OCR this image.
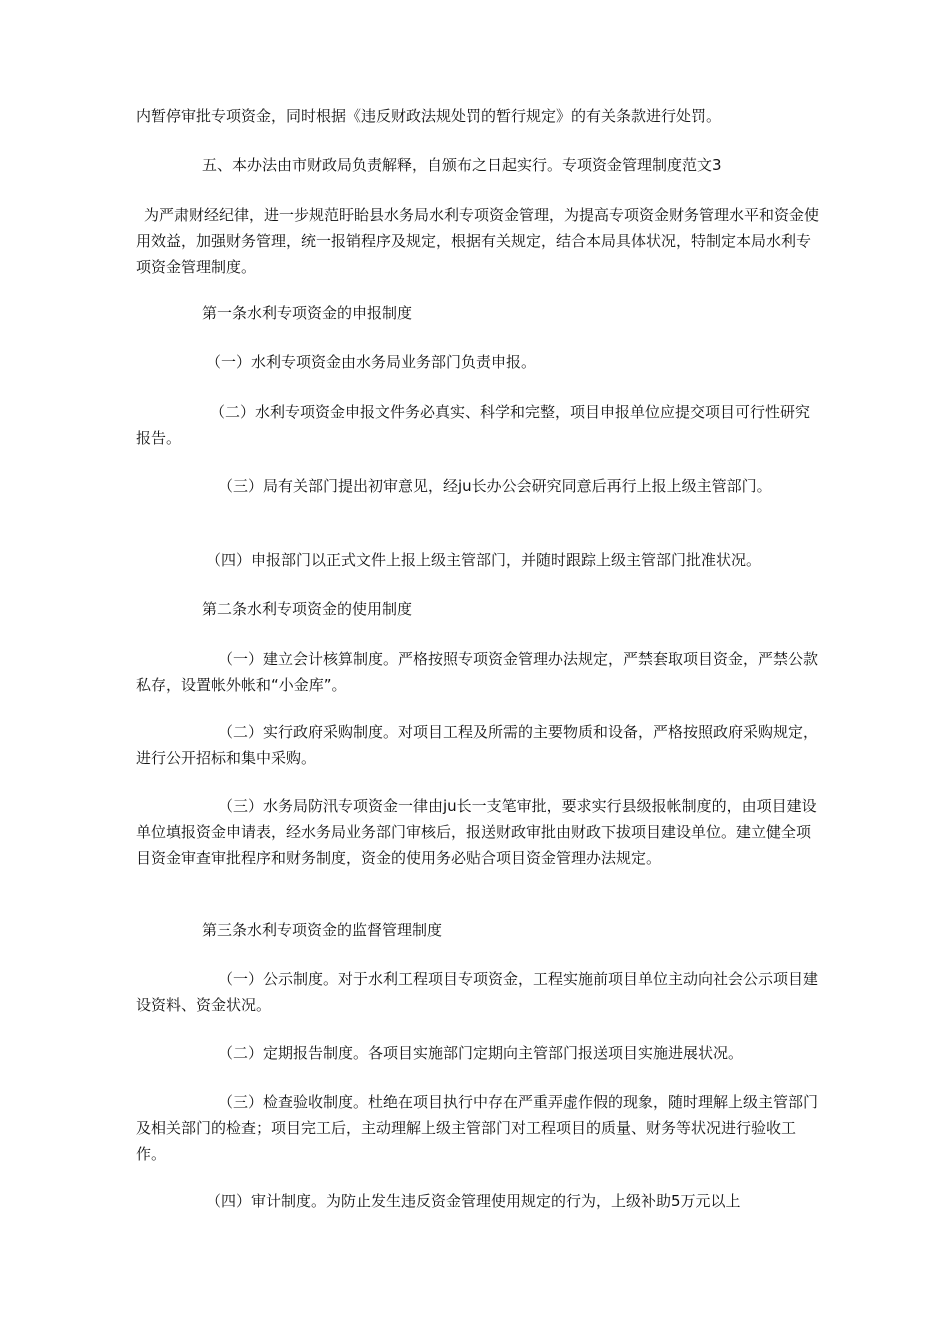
内暂停审批专项资金，同时根据《违反财政法规处罚的暂行规定》的有关条款进行处罚。

五、本办法由市财政局负责解释，自颁布之日起实行。专项资金管理制度范文3

为严肃财经纪律，进一步规范盱眙县水务局水利专项资金管理，为提高专项资金财务管理水平和资金使用效益，加强财务管理，统一报销程序及规定，根据有关规定，结合本局具体状况，特制定本局水利专项资金管理制度。

第一条水利专项资金的申报制度

（一）水利专项资金由水务局业务部门负责申报。

（二）水利专项资金申报文件务必真实、科学和完整，项目申报单位应提交项目可行性研究报告。

（三）局有关部门提出初审意见，经ju长办公会研究同意后再行上报上级主管部门。

（四）申报部门以正式文件上报上级主管部门，并随时跟踪上级主管部门批准状况。

第二条水利专项资金的使用制度

（一）建立会计核算制度。严格按照专项资金管理办法规定，严禁套取项目资金，严禁公款私存，设置帐外帐和“小金库”。

（二）实行政府采购制度。对项目工程及所需的主要物质和设备，严格按照政府采购规定，进行公开招标和集中采购。

（三）水务局防汛专项资金一律由ju长一支笔审批，要求实行县级报帐制度的，由项目建设单位填报资金申请表，经水务局业务部门审核后，报送财政审批由财政下拔项目建设单位。建立健全项目资金审查审批程序和财务制度，资金的使用务必贴合项目资金管理办法规定。

第三条水利专项资金的监督管理制度

（一）公示制度。对于水利工程项目专项资金，工程实施前项目单位主动向社会公示项目建设资料、资金状况。

（二）定期报告制度。各项目实施部门定期向主管部门报送项目实施进展状况。

（三）检查验收制度。杜绝在项目执行中存在严重弄虚作假的现象，随时理解上级主管部门及相关部门的检查；项目完工后，主动理解上级主管部门对工程项目的质量、财务等状况进行验收工作。

（四）审计制度。为防止发生违反资金管理使用规定的行为，上级补助5万元以上
